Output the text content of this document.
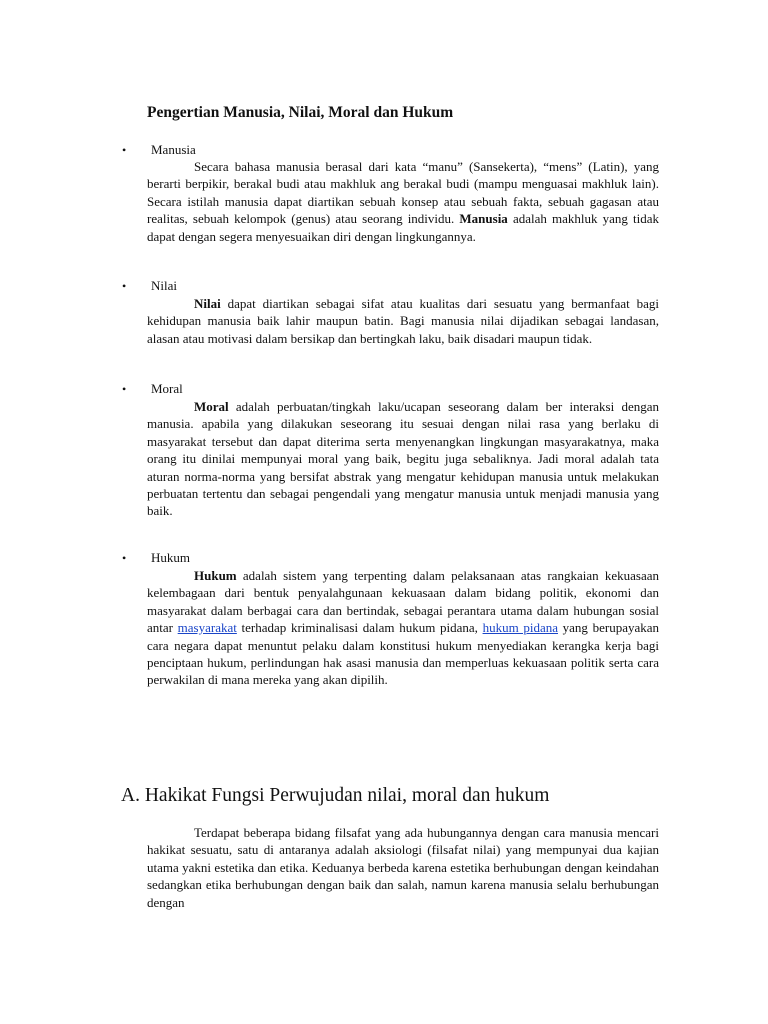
Pengertian Manusia, Nilai, Moral dan Hukum
• Manusia

Secara bahasa manusia berasal dari kata “manu” (Sansekerta), “mens” (Latin), yang berarti berpikir, berakal budi atau makhluk ang berakal budi (mampu menguasai makhluk lain). Secara istilah manusia dapat diartikan sebuah konsep atau sebuah fakta, sebuah gagasan atau realitas, sebuah kelompok (genus) atau seorang individu. Manusia adalah makhluk yang tidak dapat dengan segera menyesuaikan diri dengan lingkungannya.

• Nilai

Nilai dapat diartikan sebagai sifat atau kualitas dari sesuatu yang bermanfaat bagi kehidupan manusia baik lahir maupun batin. Bagi manusia nilai dijadikan sebagai landasan, alasan atau motivasi dalam bersikap dan bertingkah laku, baik disadari maupun tidak.

• Moral

Moral adalah perbuatan/tingkah laku/ucapan seseorang dalam ber interaksi dengan manusia. apabila yang dilakukan seseorang itu sesuai dengan nilai rasa yang berlaku di masyarakat tersebut dan dapat diterima serta menyenangkan lingkungan masyarakatnya, maka orang itu dinilai mempunyai moral yang baik, begitu juga sebaliknya. Jadi moral adalah tata aturan norma-norma yang bersifat abstrak yang mengatur kehidupan manusia untuk melakukan perbuatan tertentu dan sebagai pengendali yang mengatur manusia untuk menjadi manusia yang baik.

• Hukum

Hukum adalah sistem yang terpenting dalam pelaksanaan atas rangkaian kekuasaan kelembagaan dari bentuk penyalahgunaan kekuasaan dalam bidang politik, ekonomi dan masyarakat dalam berbagai cara dan bertindak, sebagai perantara utama dalam hubungan sosial antar masyarakat terhadap kriminalisasi dalam hukum pidana, hukum pidana yang berupayakan cara negara dapat menuntut pelaku dalam konstitusi hukum menyediakan kerangka kerja bagi penciptaan hukum, perlindungan hak asasi manusia dan memperluas kekuasaan politik serta cara perwakilan di mana mereka yang akan dipilih.

A. Hakikat Fungsi Perwujudan nilai, moral dan hukum

Terdapat beberapa bidang filsafat yang ada hubungannya dengan cara manusia mencari hakikat sesuatu, satu di antaranya adalah aksiologi (filsafat nilai) yang mempunyai dua kajian utama yakni estetika dan etika. Keduanya berbeda karena estetika berhubungan dengan keindahan sedangkan etika berhubungan dengan baik dan salah, namun karena manusia selalu berhubungan dengan
